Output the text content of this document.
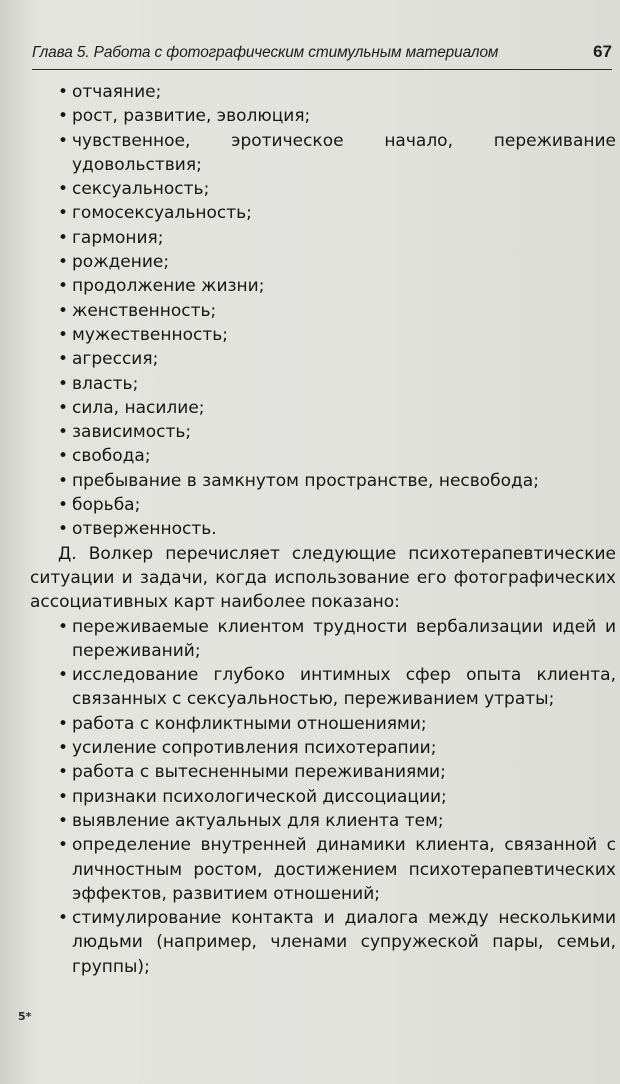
Глава 5. Работа с фотографическим стимульным материалом	67
• отчаяние;
• рост, развитие, эволюция;
• чувственное, эротическое начало, переживание удовольствия;
• сексуальность;
• гомосексуальность;
• гармония;
• рождение;
• продолжение жизни;
• женственность;
• мужественность;
• агрессия;
• власть;
• сила, насилие;
• зависимость;
• свобода;
• пребывание в замкнутом пространстве, несвобода;
• борьба;
• отверженность.

Д. Волкер перечисляет следующие психотерапевтические ситуации и задачи, когда использование его фотографических ассоциативных карт наиболее показано:

• переживаемые клиентом трудности вербализации идей и переживаний;
• исследование глубоко интимных сфер опыта клиента, связанных с сексуальностью, переживанием утраты;
• работа с конфликтными отношениями;
• усиление сопротивления психотерапии;
• работа с вытесненными переживаниями;
• признаки психологической диссоциации;
• выявление актуальных для клиента тем;
• определение внутренней динамики клиента, связанной с личностным ростом, достижением психотерапевтических эффектов, развитием отношений;
• стимулирование контакта и диалога между несколькими людьми (например, членами супружеской пары, семьи, группы);
5*
